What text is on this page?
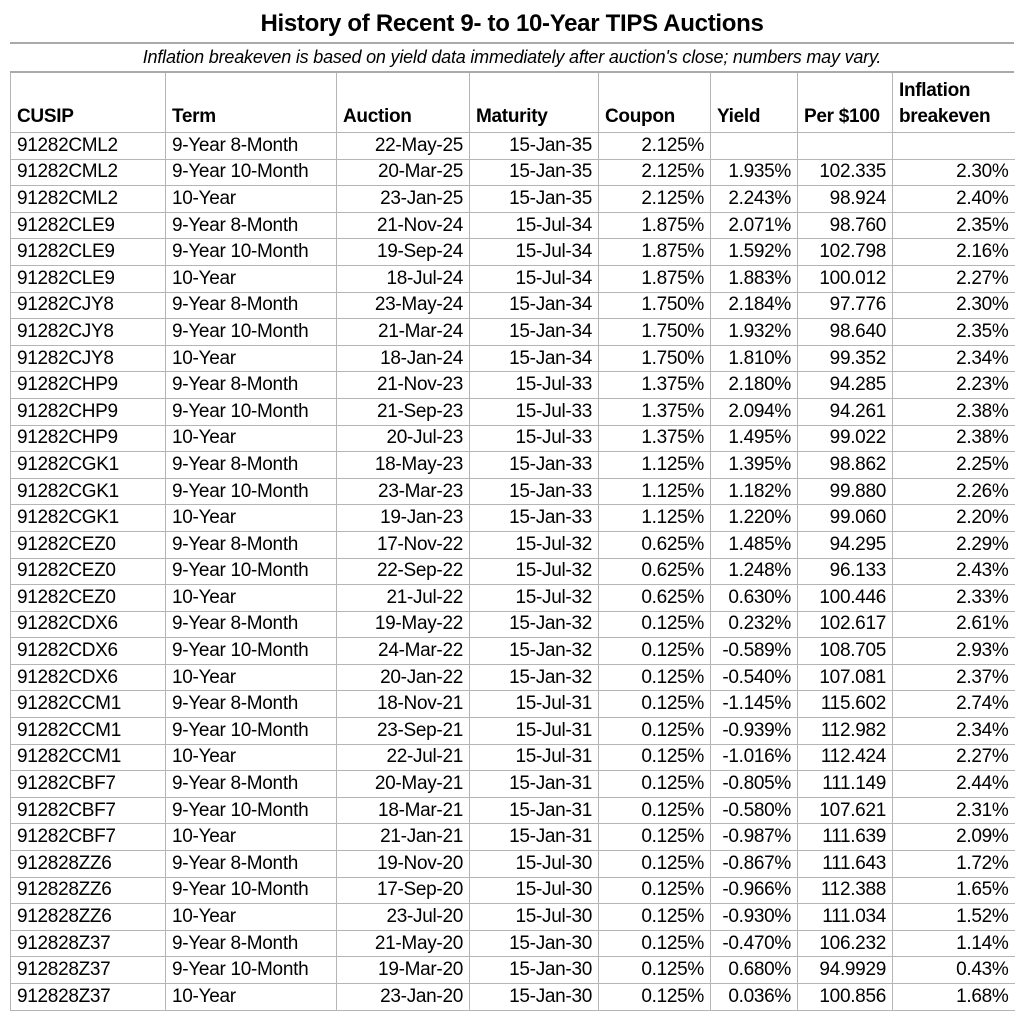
History of Recent 9- to 10-Year TIPS Auctions
Inflation breakeven is based on yield data immediately after auction's close; numbers may vary.
CUSIP	Term	Auction	Maturity	Coupon	Yield	Per $100	Inflation breakeven
91282CML2	9-Year 8-Month	22-May-25	15-Jan-35	2.125%			
91282CML2	9-Year 10-Month	20-Mar-25	15-Jan-35	2.125%	1.935%	102.335	2.30%
91282CML2	10-Year	23-Jan-25	15-Jan-35	2.125%	2.243%	98.924	2.40%
91282CLE9	9-Year 8-Month	21-Nov-24	15-Jul-34	1.875%	2.071%	98.760	2.35%
91282CLE9	9-Year 10-Month	19-Sep-24	15-Jul-34	1.875%	1.592%	102.798	2.16%
91282CLE9	10-Year	18-Jul-24	15-Jul-34	1.875%	1.883%	100.012	2.27%
91282CJY8	9-Year 8-Month	23-May-24	15-Jan-34	1.750%	2.184%	97.776	2.30%
91282CJY8	9-Year 10-Month	21-Mar-24	15-Jan-34	1.750%	1.932%	98.640	2.35%
91282CJY8	10-Year	18-Jan-24	15-Jan-34	1.750%	1.810%	99.352	2.34%
91282CHP9	9-Year 8-Month	21-Nov-23	15-Jul-33	1.375%	2.180%	94.285	2.23%
91282CHP9	9-Year 10-Month	21-Sep-23	15-Jul-33	1.375%	2.094%	94.261	2.38%
91282CHP9	10-Year	20-Jul-23	15-Jul-33	1.375%	1.495%	99.022	2.38%
91282CGK1	9-Year 8-Month	18-May-23	15-Jan-33	1.125%	1.395%	98.862	2.25%
91282CGK1	9-Year 10-Month	23-Mar-23	15-Jan-33	1.125%	1.182%	99.880	2.26%
91282CGK1	10-Year	19-Jan-23	15-Jan-33	1.125%	1.220%	99.060	2.20%
91282CEZ0	9-Year 8-Month	17-Nov-22	15-Jul-32	0.625%	1.485%	94.295	2.29%
91282CEZ0	9-Year 10-Month	22-Sep-22	15-Jul-32	0.625%	1.248%	96.133	2.43%
91282CEZ0	10-Year	21-Jul-22	15-Jul-32	0.625%	0.630%	100.446	2.33%
91282CDX6	9-Year 8-Month	19-May-22	15-Jan-32	0.125%	0.232%	102.617	2.61%
91282CDX6	9-Year 10-Month	24-Mar-22	15-Jan-32	0.125%	-0.589%	108.705	2.93%
91282CDX6	10-Year	20-Jan-22	15-Jan-32	0.125%	-0.540%	107.081	2.37%
91282CCM1	9-Year 8-Month	18-Nov-21	15-Jul-31	0.125%	-1.145%	115.602	2.74%
91282CCM1	9-Year 10-Month	23-Sep-21	15-Jul-31	0.125%	-0.939%	112.982	2.34%
91282CCM1	10-Year	22-Jul-21	15-Jul-31	0.125%	-1.016%	112.424	2.27%
91282CBF7	9-Year 8-Month	20-May-21	15-Jan-31	0.125%	-0.805%	111.149	2.44%
91282CBF7	9-Year 10-Month	18-Mar-21	15-Jan-31	0.125%	-0.580%	107.621	2.31%
91282CBF7	10-Year	21-Jan-21	15-Jan-31	0.125%	-0.987%	111.639	2.09%
912828ZZ6	9-Year 8-Month	19-Nov-20	15-Jul-30	0.125%	-0.867%	111.643	1.72%
912828ZZ6	9-Year 10-Month	17-Sep-20	15-Jul-30	0.125%	-0.966%	112.388	1.65%
912828ZZ6	10-Year	23-Jul-20	15-Jul-30	0.125%	-0.930%	111.034	1.52%
912828Z37	9-Year 8-Month	21-May-20	15-Jan-30	0.125%	-0.470%	106.232	1.14%
912828Z37	9-Year 10-Month	19-Mar-20	15-Jan-30	0.125%	0.680%	94.9929	0.43%
912828Z37	10-Year	23-Jan-20	15-Jan-30	0.125%	0.036%	100.856	1.68%
